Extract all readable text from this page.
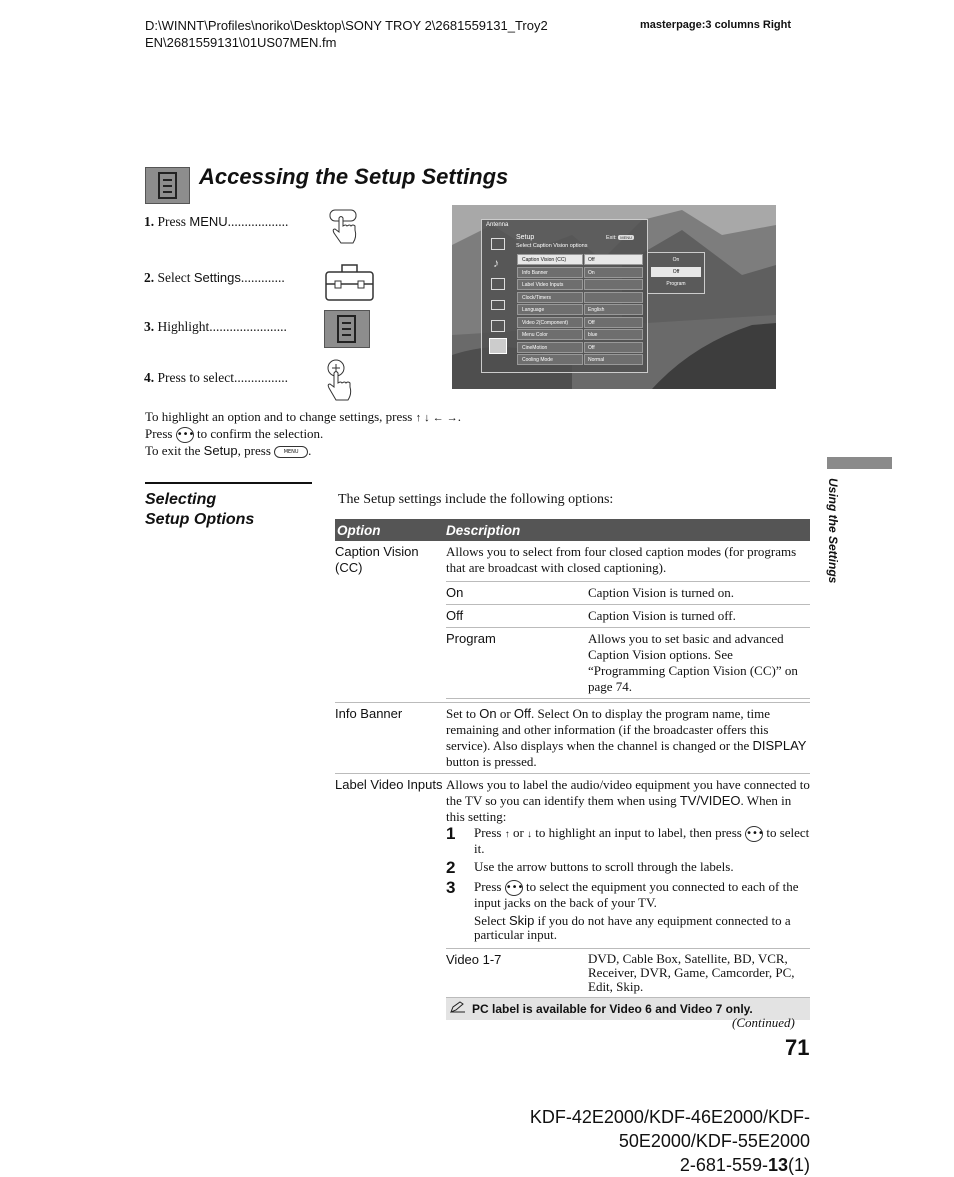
D:\WINNT\Profiles\noriko\Desktop\SONY TROY 2\2681559131_Troy2
EN\2681559131\01US07MEN.fm
masterpage:3 columns Right
Accessing the Setup Settings
1. Press MENU..................
2. Select Settings.............
3. Highlight.......................
4. Press to select................
To highlight an option and to change settings, press ↑ ↓ ← →.
Press ••• to confirm the selection.
To exit the Setup, press MENU .
Antenna
♪
Setup	Exit: MENU
Select Caption Vision options
Caption Vision (CC)	Off
Info Banner	On
Label Video Inputs
Clock/Timers
Language	English
Video 2(Component)	Off
Menu Color	blue
CineMotion	Off
Cooling Mode	Normal
On
Off
Program
Using the Settings
Selecting
Setup Options
The Setup settings include the following options:
Option	Description
Caption Vision (CC)	
Allows you to select from four closed caption modes (for programs that are broadcast with closed captioning).
On	Caption Vision is turned on.
Off	Caption Vision is turned off.
Program	Allows you to set basic and advanced Caption Vision options. See “Programming Caption Vision (CC)” on page 74.

Info Banner	Set to On or Off. Select On to display the program name, time remaining and other information (if the broadcaster offers this service). Also displays when the channel is changed or the DISPLAY button is pressed.
Label Video Inputs	Allows you to label the audio/video equipment you have connected to the TV so you can identify them when using TV/VIDEO. When in this setting:
1	Press ↑ or ↓ to highlight an input to label, then press ••• to select it.
2	Use the arrow buttons to scroll through the labels.
3	Press ••• to select the equipment you connected to each of the input jacks on the back of your TV.
Select Skip if you do not have any equipment connected to a particular input.
Video 1-7	DVD, Cable Box, Satellite, BD, VCR, Receiver, DVR, Game, Camcorder, PC, Edit, Skip.
PC label is available for Video 6 and Video 7 only.
(Continued)
71
KDF-42E2000/KDF-46E2000/KDF-50E2000/KDF-55E2000
2-681-559-13(1)
